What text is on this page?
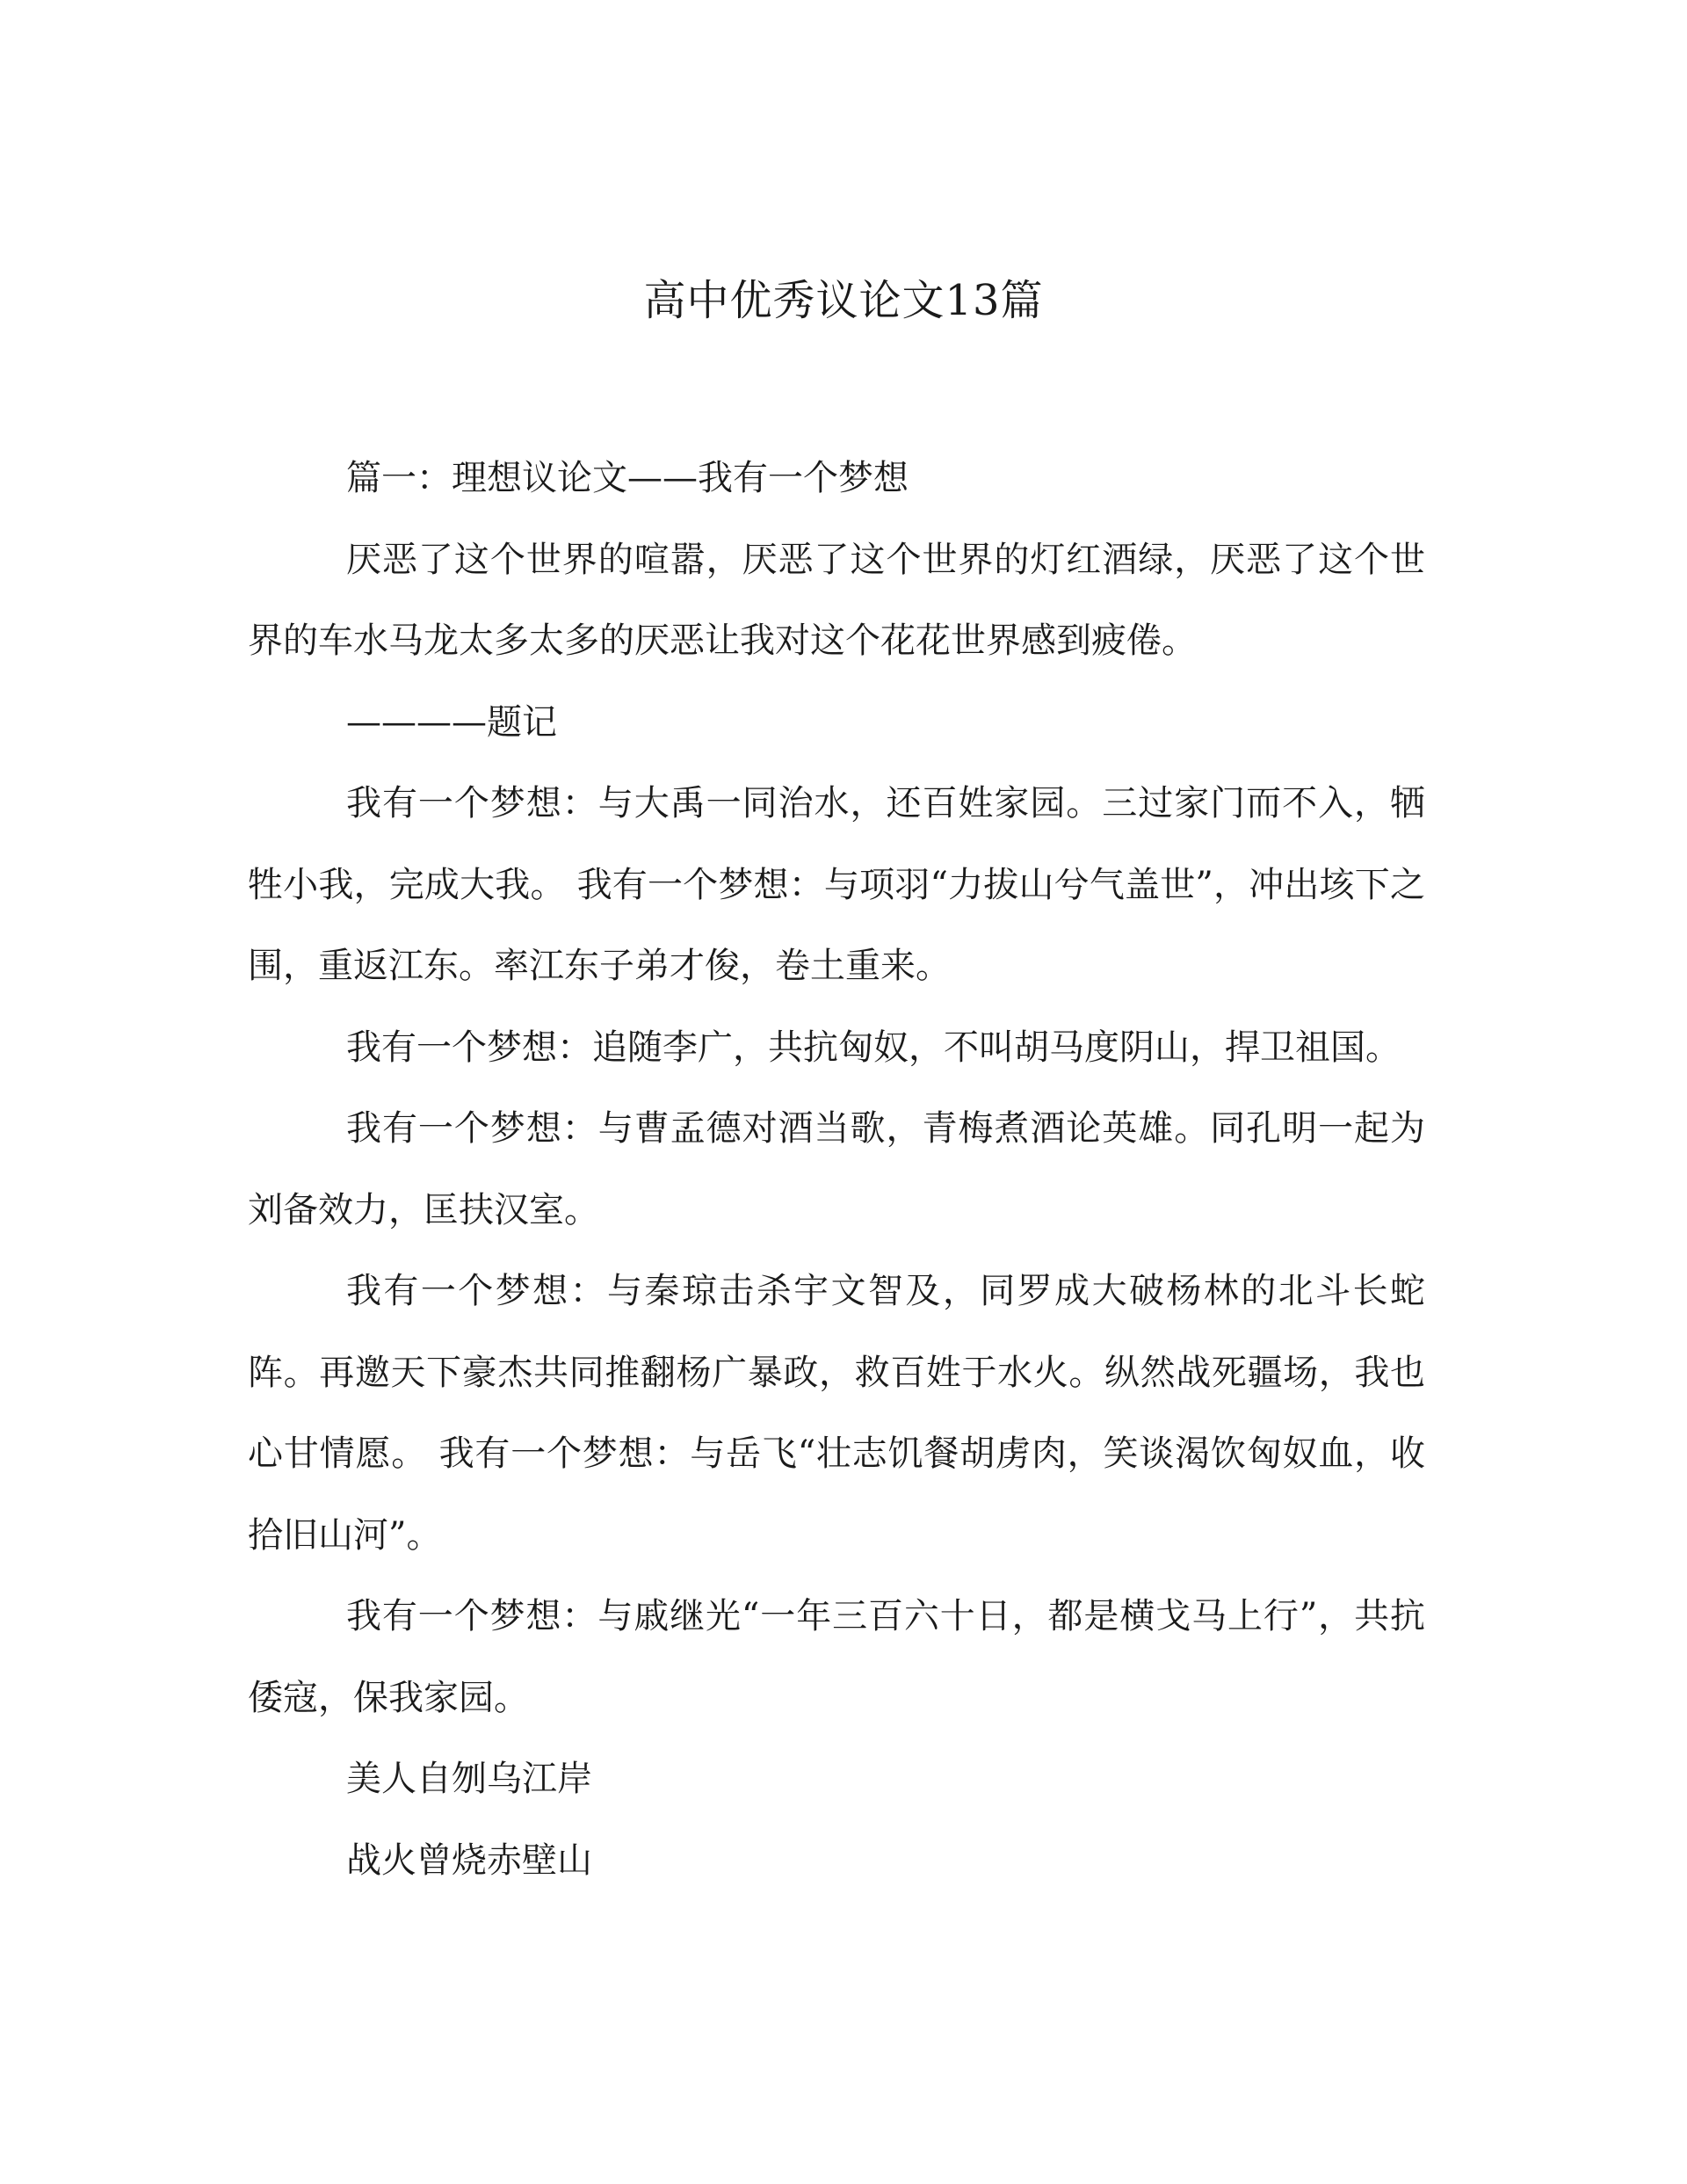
高中优秀议论文13篇

篇一：理想议论文——我有一个梦想

厌恶了这个世界的喧嚣，厌恶了这个世界的灯红酒绿，厌恶了这个世界的车水马龙太多太多的厌恶让我对这个花花世界感到疲倦。

————题记

我有一个梦想：与大禹一同治水，还百姓家园。三过家门而不入，牺牲小我，完成大我。 我有一个梦想：与项羽“力拔山兮气盖世”，冲出垓下之围，重返江东。率江东子弟才俊，卷土重来。

我有一个梦想：追随李广，共抗匈奴，不叫胡马度阴山，捍卫祖国。

我有一个梦想：与曹孟德对酒当歌，青梅煮酒论英雄。同孔明一起为刘备效力，匡扶汉室。

我有一个梦想：与秦琼击杀宇文智及，同罗成大破杨林的北斗长蛇阵。再邀天下豪杰共同推翻杨广暴政，救百姓于水火。纵然战死疆场，我也心甘情愿。 我有一个梦想：与岳飞“壮志饥餐胡虏肉，笑谈渴饮匈奴血，收拾旧山河”。

我有一个梦想：与戚继光“一年三百六十日，都是横戈马上行”，共抗倭寇，保我家园。

美人自刎乌江岸

战火曾烧赤壁山
